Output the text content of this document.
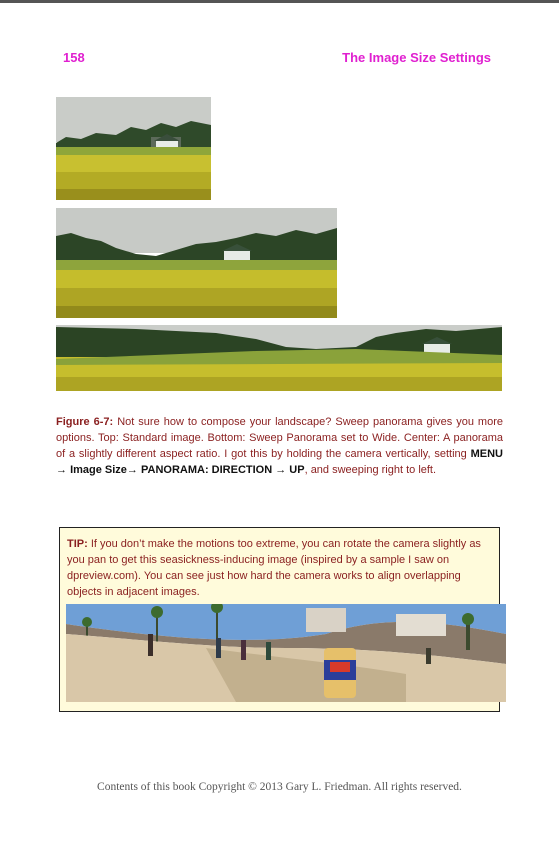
158	The Image Size Settings
Figure 6-7: Not sure how to compose your landscape? Sweep panorama gives you more options. Top: Standard image. Bottom: Sweep Panorama set to Wide. Center: A panorama of a slightly different aspect ratio. I got this by holding the camera vertically, setting MENU → Image Size→ PANORAMA: DIRECTION → UP, and sweeping right to left.
TIP: If you don’t make the motions too extreme, you can rotate the camera slightly as you pan to get this seasickness-inducing image (inspired by a sample I saw on dpreview.com). You can see just how hard the camera works to align overlapping objects in adjacent images.
Contents of this book Copyright © 2013 Gary L. Friedman. All rights reserved.
